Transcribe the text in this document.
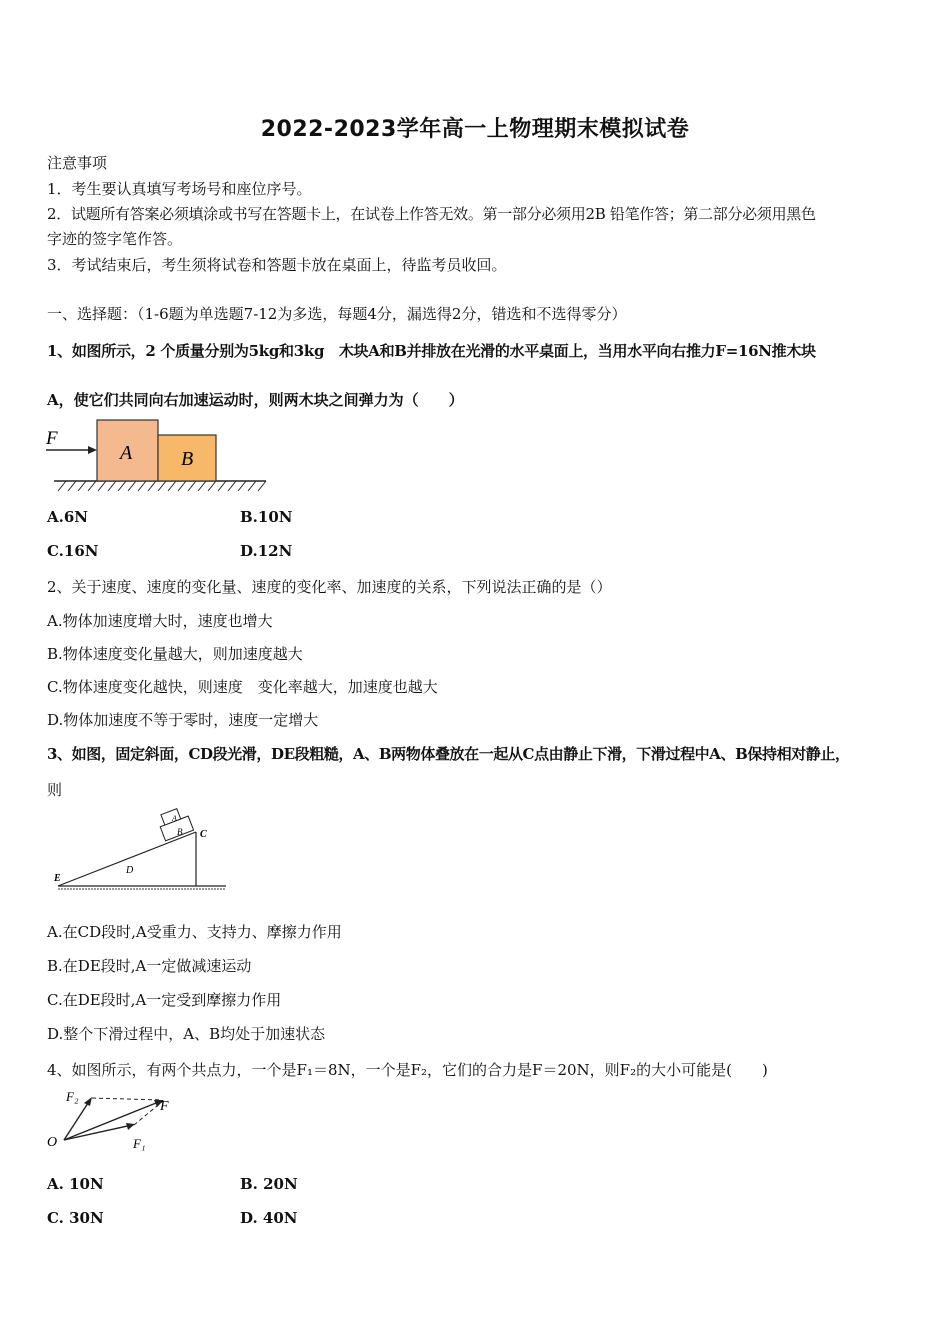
2022-2023学年高一上物理期末模拟试卷
注意事项
1．考生要认真填写考场号和座位序号。
2．试题所有答案必须填涂或书写在答题卡上，在试卷上作答无效。第一部分必须用2B 铅笔作答；第二部分必须用黑色
字迹的签字笔作答。
3．考试结束后，考生须将试卷和答题卡放在桌面上，待监考员收回。
一、选择题：（1-6题为单选题7-12为多选，每题4分，漏选得2分，错选和不选得零分）
1、如图所示，2 个质量分别为5kg和3kg　木块A和B并排放在光滑的水平桌面上，当用水平向右推力F=16N推木块
A，使它们共同向右加速运动时，则两木块之间弹力为（　　）
F
A B
A.6N	B.10N
C.16N	D.12N
2、关于速度、速度的变化量、速度的变化率、加速度的关系，下列说法正确的是（）
A.物体加速度增大时，速度也增大
B.物体速度变化量越大，则加速度越大
C.物体速度变化越快，则速度　变化率越大，加速度也越大
D.物体加速度不等于零时，速度一定增大
3、如图，固定斜面，CD段光滑，DE段粗糙，A、B两物体叠放在一起从C点由静止下滑，下滑过程中A、B保持相对静止，
则
E
D
C
B
A
A.在CD段时,A受重力、支持力、摩擦力作用
B.在DE段时,A一定做减速运动
C.在DE段时,A一定受到摩擦力作用
D.整个下滑过程中，A、B均处于加速状态
4、如图所示，有两个共点力，一个是F₁＝8N，一个是F₂，它们的合力是F＝20N，则F₂的大小可能是(　　)
O
F₂
F
F₁
A. 10N	B. 20N
C. 30N	D. 40N
